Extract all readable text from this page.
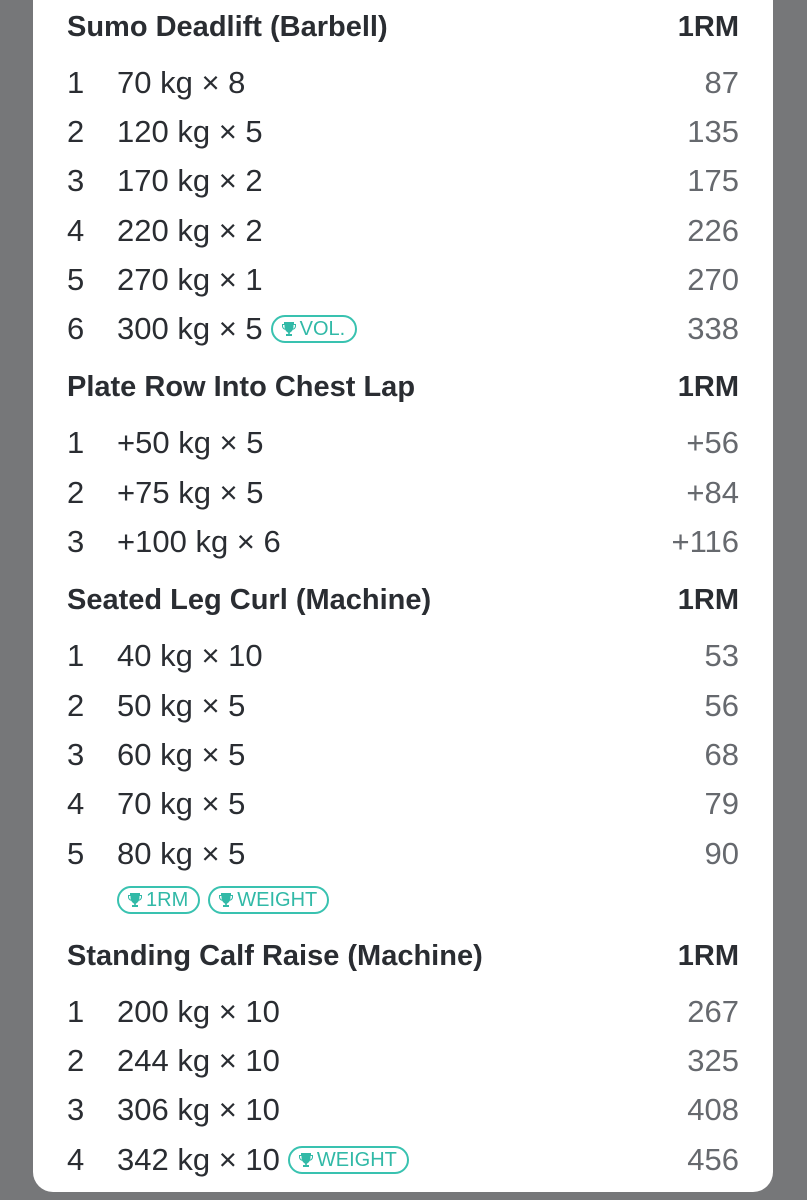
Sumo Deadlift (Barbell)	1RM
1	70 kg × 8	87
2	120 kg × 5	135
3	170 kg × 2	175
4	220 kg × 2	226
5	270 kg × 1	270
6	300 kg × 5 VOL.	338
Plate Row Into Chest Lap	1RM
1	+50 kg × 5	+56
2	+75 kg × 5	+84
3	+100 kg × 6	+116
Seated Leg Curl (Machine)	1RM
1	40 kg × 10	53
2	50 kg × 5	56
3	60 kg × 5	68
4	70 kg × 5	79
5	80 kg × 5	90
1RM WEIGHT
Standing Calf Raise (Machine)	1RM
1	200 kg × 10	267
2	244 kg × 10	325
3	306 kg × 10	408
4	342 kg × 10 WEIGHT	456
